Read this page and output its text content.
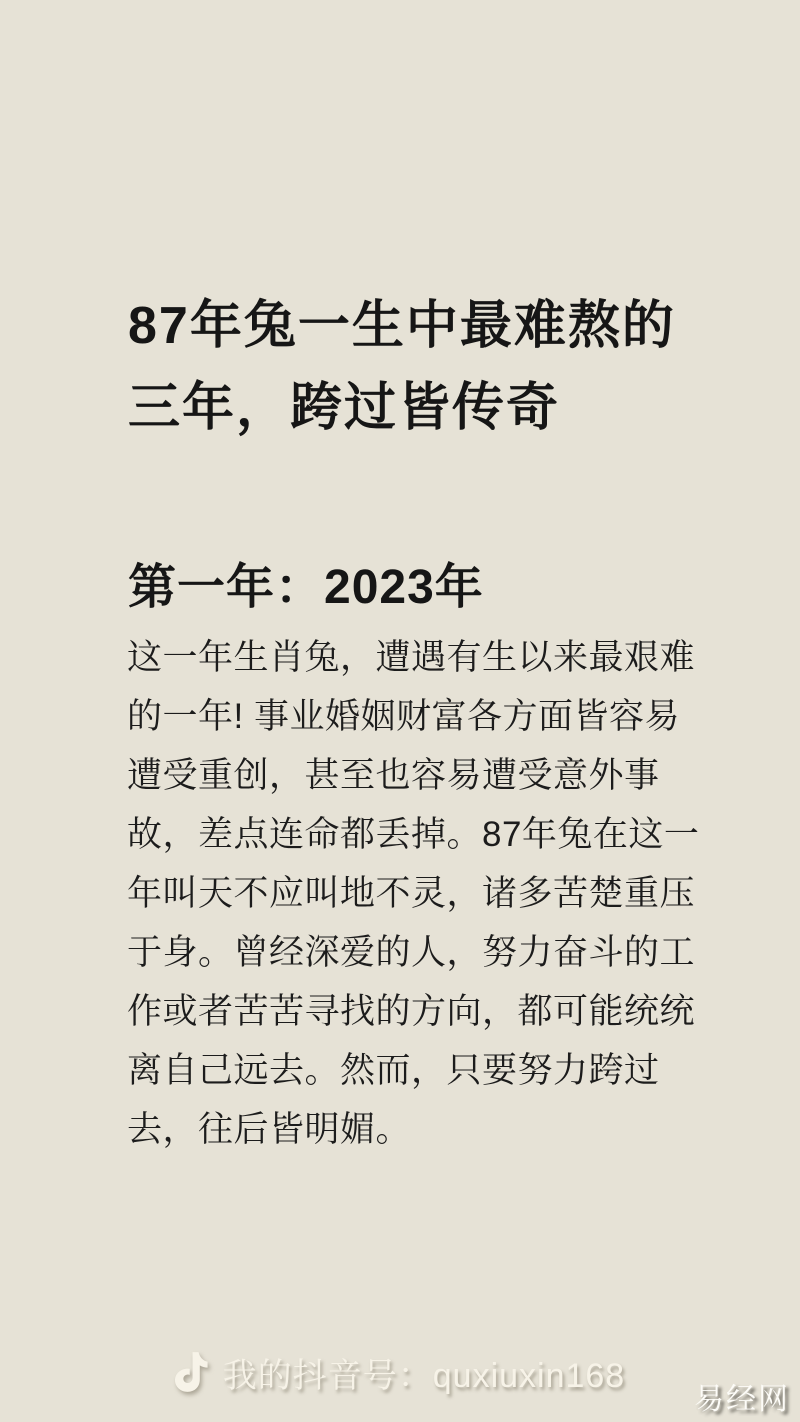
87年兔一生中最难熬的
三年，跨过皆传奇
第一年：2023年
这一年生肖兔，遭遇有生以来最艰难
的一年! 事业婚姻财富各方面皆容易
遭受重创，甚至也容易遭受意外事
故，差点连命都丢掉。87年兔在这一
年叫天不应叫地不灵，诸多苦楚重压
于身。曾经深爱的人，努力奋斗的工
作或者苦苦寻找的方向，都可能统统
离自己远去。然而，只要努力跨过
去，往后皆明媚。
我的抖音号：quxiuxin168
易经网
